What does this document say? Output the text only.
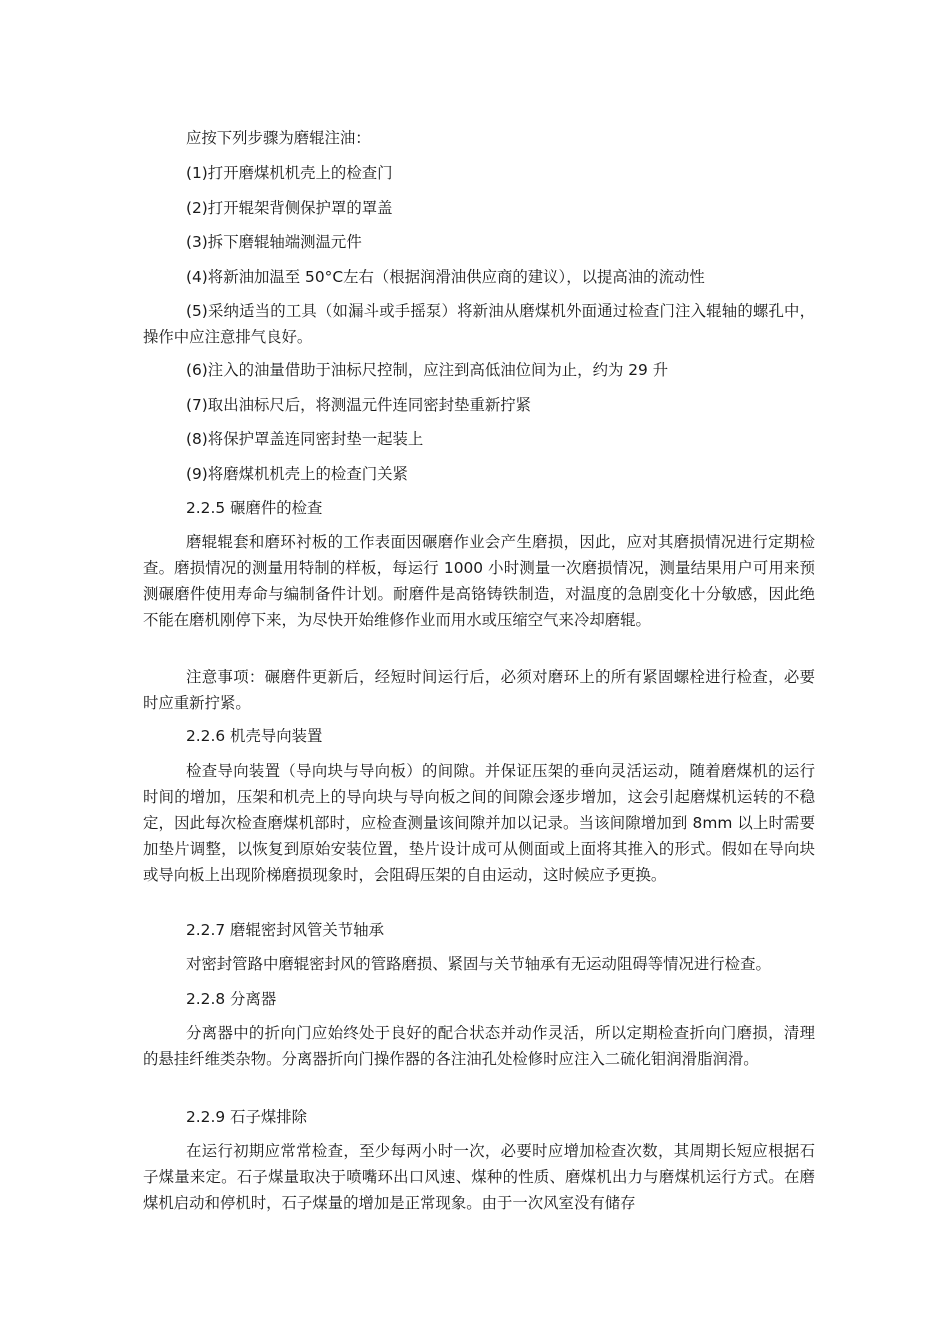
应按下列步骤为磨辊注油：

(1)打开磨煤机机壳上的检查门

(2)打开辊架背侧保护罩的罩盖

(3)拆下磨辊轴端测温元件

(4)将新油加温至 50°C左右（根据润滑油供应商的建议），以提高油的流动性

(5)采纳适当的工具（如漏斗或手摇泵）将新油从磨煤机外面通过检查门注入辊轴的螺孔中，操作中应注意排气良好。

(6)注入的油量借助于油标尺控制，应注到高低油位间为止，约为 29 升

(7)取出油标尺后，将测温元件连同密封垫重新拧紧

(8)将保护罩盖连同密封垫一起装上

(9)将磨煤机机壳上的检查门关紧

2.2.5 碾磨件的检查

磨辊辊套和磨环衬板的工作表面因碾磨作业会产生磨损，因此，应对其磨损情况进行定期检查。磨损情况的测量用特制的样板，每运行 1000 小时测量一次磨损情况，测量结果用户可用来预测碾磨件使用寿命与编制备件计划。耐磨件是高铬铸铁制造，对温度的急剧变化十分敏感，因此绝不能在磨机刚停下来，为尽快开始维修作业而用水或压缩空气来冷却磨辊。

注意事项：碾磨件更新后，经短时间运行后，必须对磨环上的所有紧固螺栓进行检查，必要时应重新拧紧。

2.2.6 机壳导向装置

检查导向装置（导向块与导向板）的间隙。并保证压架的垂向灵活运动，随着磨煤机的运行时间的增加，压架和机壳上的导向块与导向板之间的间隙会逐步增加，这会引起磨煤机运转的不稳定，因此每次检查磨煤机部时，应检查测量该间隙并加以记录。当该间隙增加到 8mm 以上时需要加垫片调整，以恢复到原始安装位置，垫片设计成可从侧面或上面将其推入的形式。假如在导向块或导向板上出现阶梯磨损现象时，会阻碍压架的自由运动，这时候应予更换。

2.2.7 磨辊密封风管关节轴承

对密封管路中磨辊密封风的管路磨损、紧固与关节轴承有无运动阻碍等情况进行检查。

2.2.8 分离器

分离器中的折向门应始终处于良好的配合状态并动作灵活，所以定期检查折向门磨损，清理的悬挂纤维类杂物。分离器折向门操作器的各注油孔处检修时应注入二硫化钼润滑脂润滑。

2.2.9 石子煤排除

在运行初期应常常检查，至少每两小时一次，必要时应增加检查次数，其周期长短应根据石子煤量来定。石子煤量取决于喷嘴环出口风速、煤种的性质、磨煤机出力与磨煤机运行方式。在磨煤机启动和停机时，石子煤量的增加是正常现象。由于一次风室没有储存
